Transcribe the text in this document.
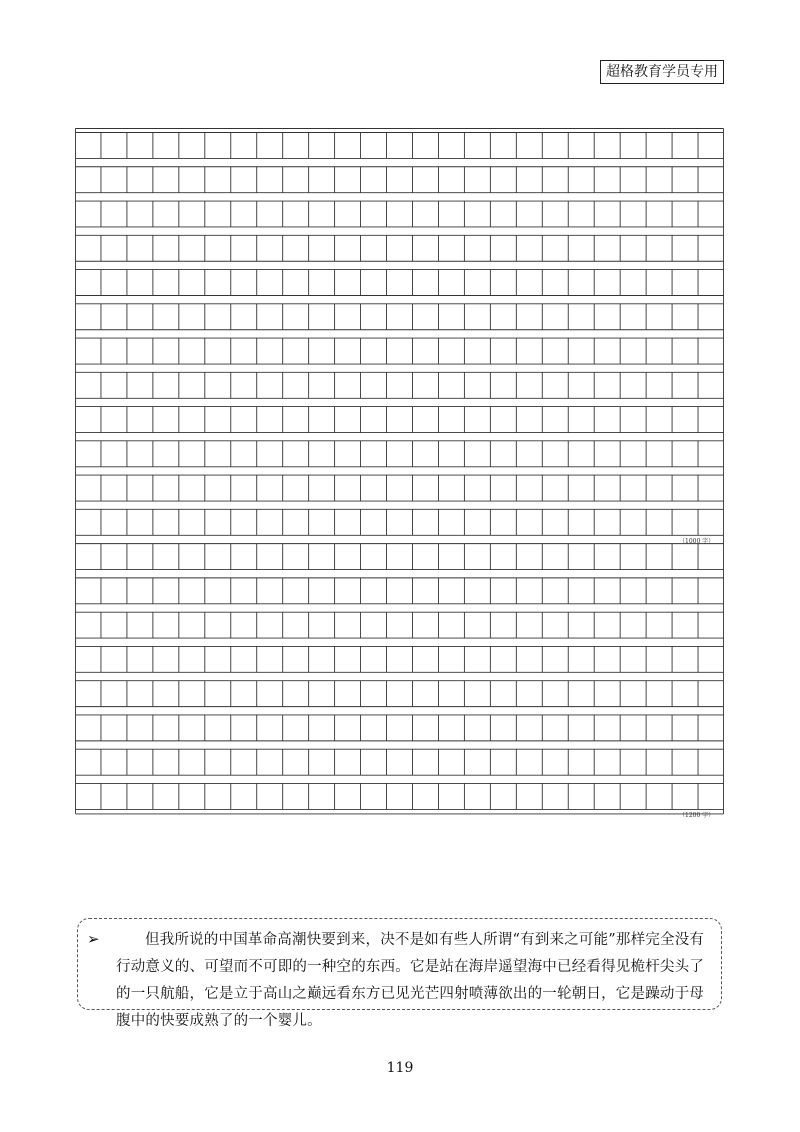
超格教育学员专用
（1000 字）
（1200 字）
➢	但我所说的中国革命高潮快要到来，决不是如有些人所谓“有到来之可能”那样完全没有行动意义的、可望而不可即的一种空的东西。它是站在海岸遥望海中已经看得见桅杆尖头了的一只航船，它是立于高山之巅远看东方已见光芒四射喷薄欲出的一轮朝日，它是躁动于母腹中的快要成熟了的一个婴儿。
119
